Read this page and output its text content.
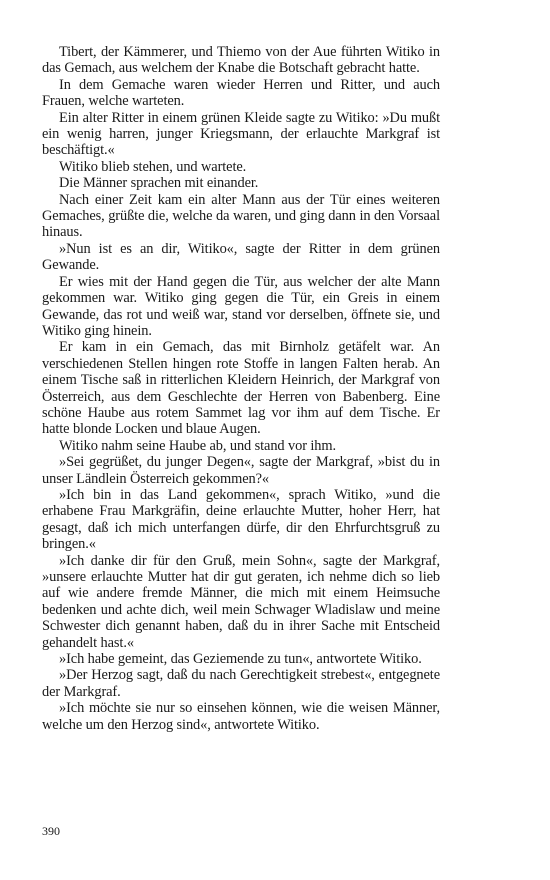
Tibert, der Kämmerer, und Thiemo von der Aue führten Witiko in das Gemach, aus welchem der Knabe die Botschaft gebracht hatte.

In dem Gemache waren wieder Herren und Ritter, und auch Frauen, welche warteten.

Ein alter Ritter in einem grünen Kleide sagte zu Witiko: »Du mußt ein wenig harren, junger Kriegsmann, der erlauchte Markgraf ist beschäftigt.«

Witiko blieb stehen, und wartete.

Die Männer sprachen mit einander.

Nach einer Zeit kam ein alter Mann aus der Tür eines weiteren Gemaches, grüßte die, welche da waren, und ging dann in den Vorsaal hinaus.

»Nun ist es an dir, Witiko«, sagte der Ritter in dem grünen Gewande.

Er wies mit der Hand gegen die Tür, aus welcher der alte Mann gekommen war. Witiko ging gegen die Tür, ein Greis in einem Gewande, das rot und weiß war, stand vor derselben, öffnete sie, und Witiko ging hinein.

Er kam in ein Gemach, das mit Birnholz getäfelt war. An verschiedenen Stellen hingen rote Stoffe in langen Falten herab. An einem Tische saß in ritterlichen Kleidern Heinrich, der Markgraf von Österreich, aus dem Geschlechte der Herren von Babenberg. Eine schöne Haube aus rotem Sammet lag vor ihm auf dem Tische. Er hatte blonde Locken und blaue Augen.

Witiko nahm seine Haube ab, und stand vor ihm.

»Sei gegrüßet, du junger Degen«, sagte der Markgraf, »bist du in unser Ländlein Österreich gekommen?«

»Ich bin in das Land gekommen«, sprach Witiko, »und die erhabene Frau Markgräfin, deine erlauchte Mutter, hoher Herr, hat gesagt, daß ich mich unterfangen dürfe, dir den Ehrfurchtsgruß zu bringen.«

»Ich danke dir für den Gruß, mein Sohn«, sagte der Markgraf, »unsere erlauchte Mutter hat dir gut geraten, ich nehme dich so lieb auf wie andere fremde Männer, die mich mit einem Heimsuche bedenken und achte dich, weil mein Schwager Wladislaw und meine Schwester dich genannt haben, daß du in ihrer Sache mit Entscheid gehandelt hast.«

»Ich habe gemeint, das Geziemende zu tun«, antwortete Witiko.

»Der Herzog sagt, daß du nach Gerechtigkeit strebest«, entgegnete der Markgraf.

»Ich möchte sie nur so einsehen können, wie die weisen Männer, welche um den Herzog sind«, antwortete Witiko.

390
